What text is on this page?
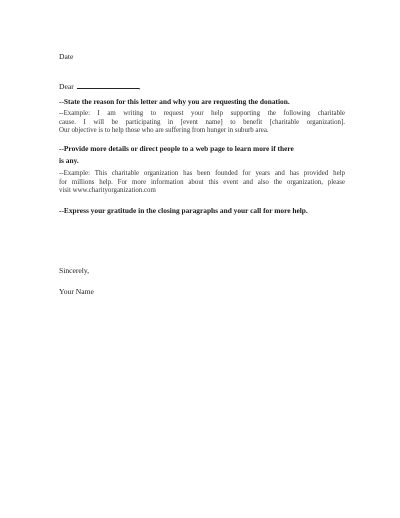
Date
Dear	,
--State the reason for this letter and why you are requesting the donation.
--Example: I am writing to request your help supporting the following charitable
cause. I will be participating in [event name] to benefit [charitable organization].
Our objective is to help those who are suffering from hunger in suburb area.
--Provide more details or direct people to a web page to learn more if there
is any.
--Example: This charitable organization has been founded for years and has provided help
for millions help. For more information about this event and also the organization, please
visit www.charityorganization.com
--Express your gratitude in the closing paragraphs and your call for more help.
Sincerely,
Your Name
